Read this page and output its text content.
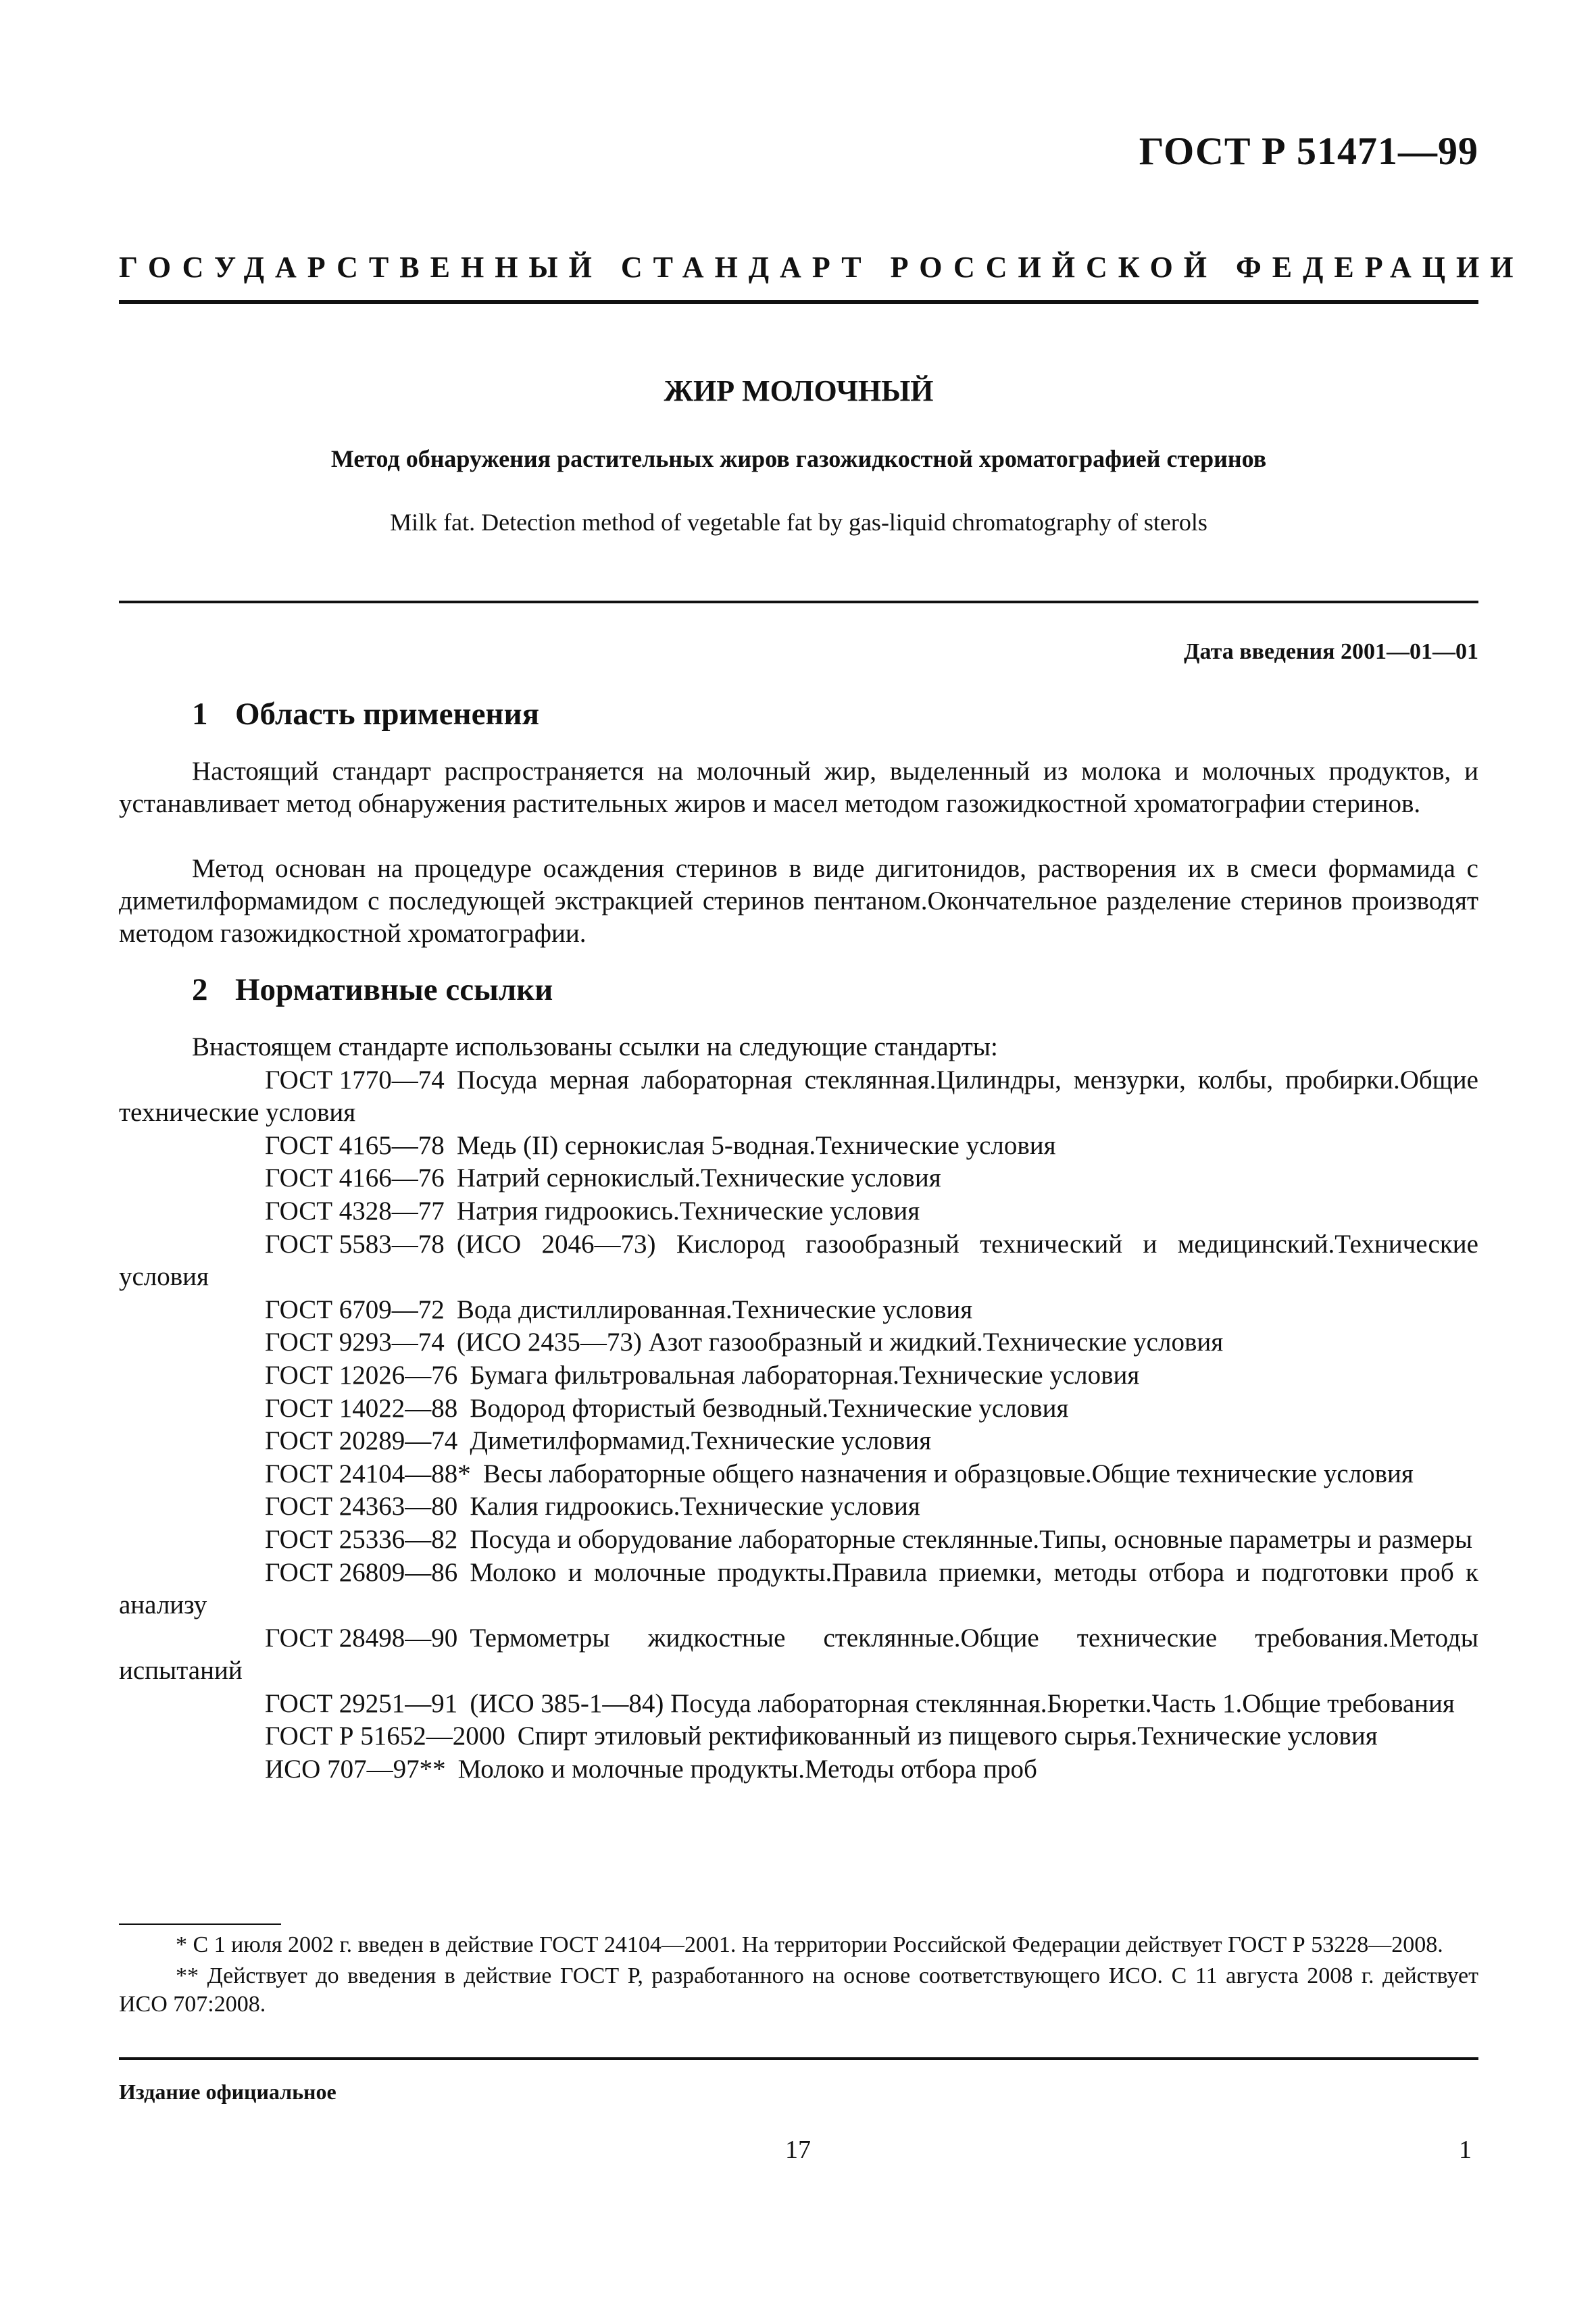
ГОСТ Р 51471—99
ГОСУДАРСТВЕННЫЙ СТАНДАРТ РОССИЙСКОЙ ФЕДЕРАЦИИ
ЖИР МОЛОЧНЫЙ
Метод обнаружения растительных жиров газожидкостной хроматографией стеринов
Milk fat. Detection method of vegetable fat by gas-liquid chromatography of sterols
Дата введения 2001—01—01
1 Область применения

Настоящий стандарт распространяется на молочный жир, выделенный из молока и молочных продуктов, и устанавливает метод обнаружения растительных жиров и масел методом газожидкостной хроматографии стеринов.

Метод основан на процедуре осаждения стеринов в виде дигитонидов, растворения их в смеси формамида с диметилформамидом с последующей экстракцией стеринов пентаном.Окончательное разделение стеринов производят методом газожидкостной хроматографии.

2 Нормативные ссылки
Внастоящем стандарте использованы ссылки на следующие стандарты:
ГОСТ 1770—74 Посуда мерная лабораторная стеклянная.Цилиндры, мензурки, колбы, пробирки.Общие технические условия
ГОСТ 4165—78 Медь (II) сернокислая 5-водная.Технические условия
ГОСТ 4166—76 Натрий сернокислый.Технические условия
ГОСТ 4328—77 Натрия гидроокись.Технические условия
ГОСТ 5583—78 (ИСО 2046—73) Кислород газообразный технический и медицинский.Технические условия
ГОСТ 6709—72 Вода дистиллированная.Технические условия
ГОСТ 9293—74 (ИСО 2435—73) Азот газообразный и жидкий.Технические условия
ГОСТ 12026—76 Бумага фильтровальная лабораторная.Технические условия
ГОСТ 14022—88 Водород фтористый безводный.Технические условия
ГОСТ 20289—74 Диметилформамид.Технические условия
ГОСТ 24104—88* Весы лабораторные общего назначения и образцовые.Общие технические условия
ГОСТ 24363—80 Калия гидроокись.Технические условия
ГОСТ 25336—82 Посуда и оборудование лабораторные стеклянные.Типы, основные параметры и размеры
ГОСТ 26809—86 Молоко и молочные продукты.Правила приемки, методы отбора и подготовки проб к анализу
ГОСТ 28498—90 Термометры жидкостные стеклянные.Общие технические требования.Методы испытаний
ГОСТ 29251—91 (ИСО 385-1—84) Посуда лабораторная стеклянная.Бюретки.Часть 1.Общие требования
ГОСТ Р 51652—2000 Спирт этиловый ректификованный из пищевого сырья.Технические условия
ИСО 707—97** Молоко и молочные продукты.Методы отбора проб
* С 1 июля 2002 г. введен в действие ГОСТ 24104—2001. На территории Российской Федерации действует ГОСТ Р 53228—2008.
** Действует до введения в действие ГОСТ Р, разработанного на основе соответствующего ИСО. С 11 августа 2008 г. действует ИСО 707:2008.
Издание официальное
17	1
